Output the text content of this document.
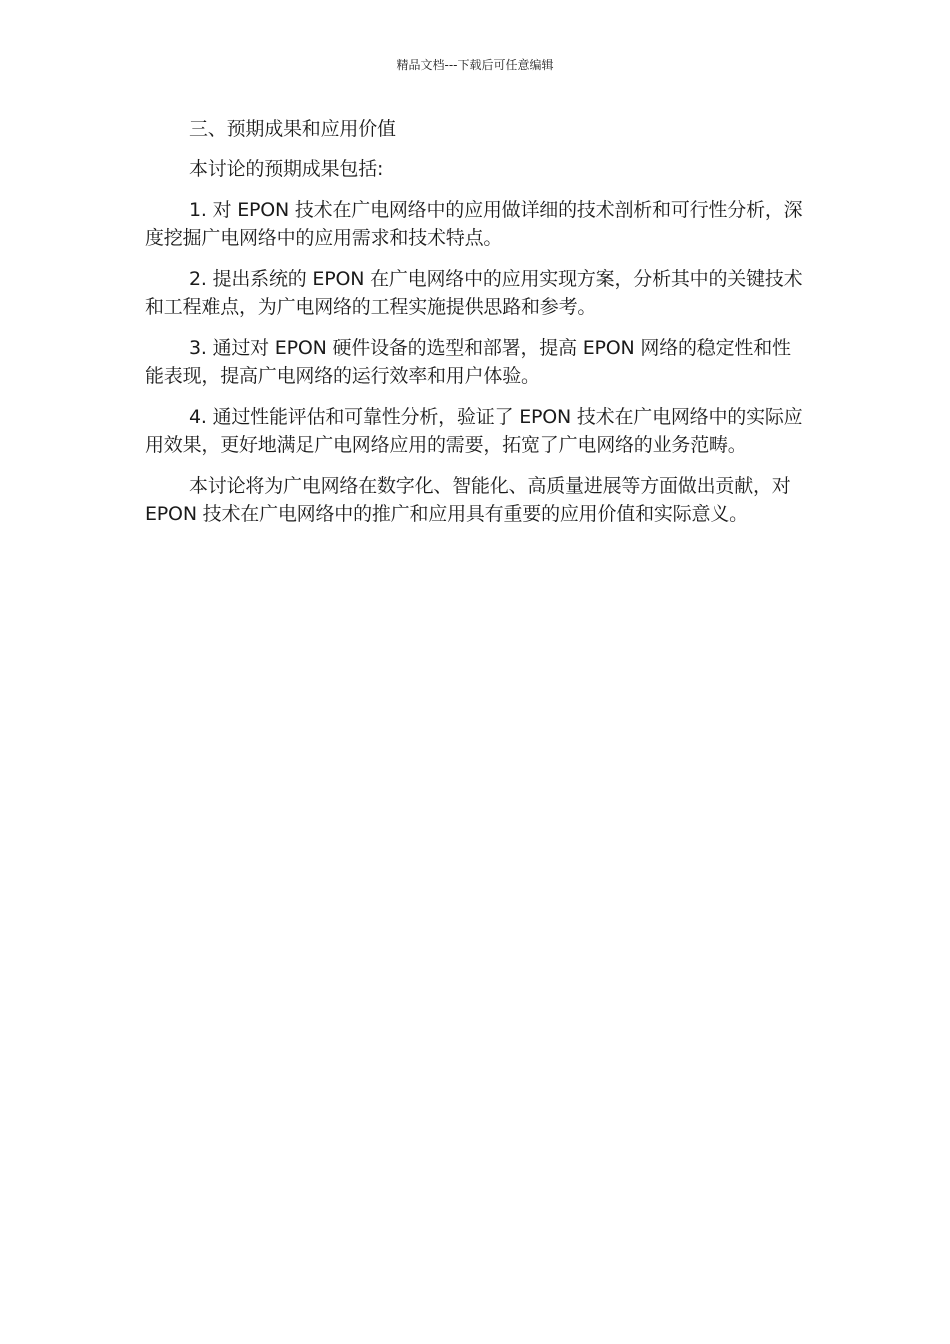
精品文档---下载后可任意编辑

三、预期成果和应用价值

本讨论的预期成果包括:

1. 对 EPON 技术在广电网络中的应用做详细的技术剖析和可行性分析，深度挖掘广电网络中的应用需求和技术特点。

2. 提出系统的 EPON 在广电网络中的应用实现方案，分析其中的关键技术和工程难点，为广电网络的工程实施提供思路和参考。

3. 通过对 EPON 硬件设备的选型和部署，提高 EPON 网络的稳定性和性能表现，提高广电网络的运行效率和用户体验。

4. 通过性能评估和可靠性分析，验证了 EPON 技术在广电网络中的实际应用效果，更好地满足广电网络应用的需要，拓宽了广电网络的业务范畴。

本讨论将为广电网络在数字化、智能化、高质量进展等方面做出贡献，对 EPON 技术在广电网络中的推广和应用具有重要的应用价值和实际意义。
